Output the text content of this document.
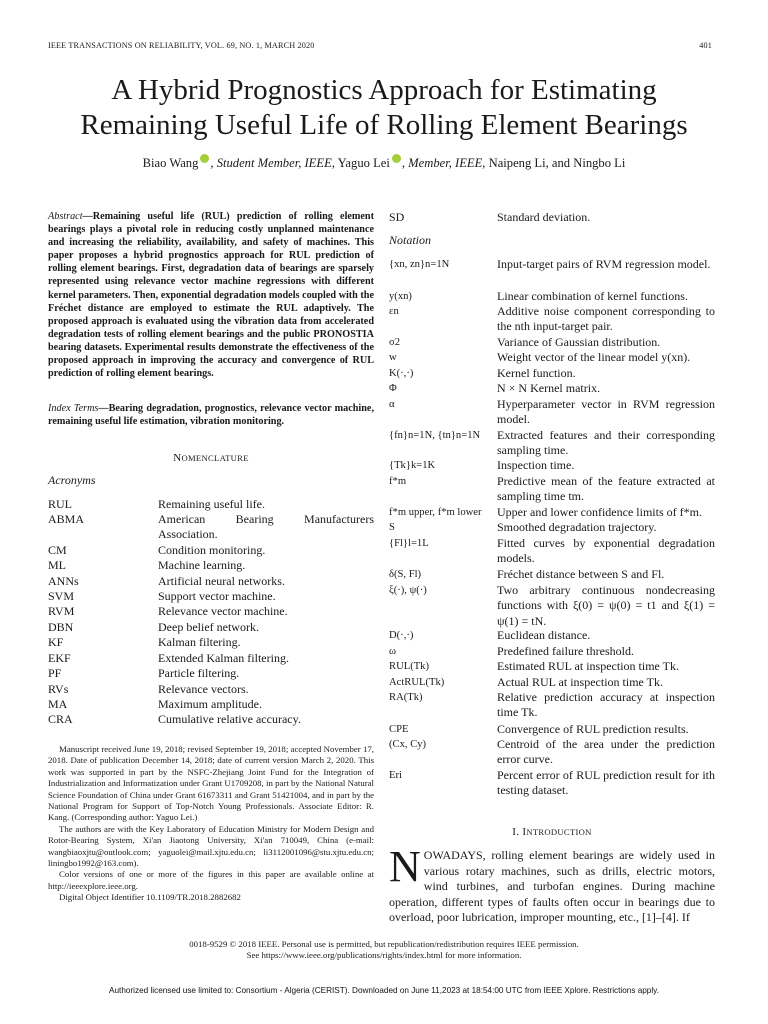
IEEE TRANSACTIONS ON RELIABILITY, VOL. 69, NO. 1, MARCH 2020	401
A Hybrid Prognostics Approach for Estimating
Remaining Useful Life of Rolling Element Bearings
Biao Wang , Student Member, IEEE, Yaguo Lei , Member, IEEE, Naipeng Li, and Ningbo Li
Abstract—Remaining useful life (RUL) prediction of rolling element bearings plays a pivotal role in reducing costly unplanned maintenance and increasing the reliability, availability, and safety of machines. This paper proposes a hybrid prognostics approach for RUL prediction of rolling element bearings. First, degradation data of bearings are sparsely represented using relevance vector machine regressions with different kernel parameters. Then, exponential degradation models coupled with the Fréchet distance are employed to estimate the RUL adaptively. The proposed approach is evaluated using the vibration data from accelerated degradation tests of rolling element bearings and the public PRONOSTIA bearing datasets. Experimental results demonstrate the effectiveness of the proposed approach in improving the accuracy and convergence of RUL prediction of rolling element bearings.
Index Terms—Bearing degradation, prognostics, relevance vector machine, remaining useful life estimation, vibration monitoring.
NOMENCLATURE
Acronyms
RUL	Remaining useful life.
ABMA	American Bearing Manufacturers Association.
CM	Condition monitoring.
ML	Machine learning.
ANNs	Artificial neural networks.
SVM	Support vector machine.
RVM	Relevance vector machine.
DBN	Deep belief network.
KF	Kalman filtering.
EKF	Extended Kalman filtering.
PF	Particle filtering.
RVs	Relevance vectors.
MA	Maximum amplitude.
CRA	Cumulative relative accuracy.
SD	Standard deviation.
Notation
{xn, zn}n=1N	Input-target pairs of RVM regression model.
y(xn)	Linear combination of kernel functions.
εn	Additive noise component corresponding to the nth input-target pair.
σ2	Variance of Gaussian distribution.
w	Weight vector of the linear model y(xn).
K(·,·)	Kernel function.
Φ	N × N Kernel matrix.
α	Hyperparameter vector in RVM regression model.
{fn}n=1N, {tn}n=1N	Extracted features and their corresponding sampling time.
{Tk}k=1K	Inspection time.
f*m	Predictive mean of the feature extracted at sampling time tm.
f*m upper, f*m lower	Upper and lower confidence limits of f*m.
S	Smoothed degradation trajectory.
{Fl}l=1L	Fitted curves by exponential degradation models.
δ(S, Fl)	Fréchet distance between S and Fl.
ξ(·), ψ(·)	Two arbitrary continuous nondecreasing functions with ξ(0) = ψ(0) = t1 and ξ(1) = ψ(1) = tN.
D(·,·)	Euclidean distance.
ω	Predefined failure threshold.
RUL(Tk)	Estimated RUL at inspection time Tk.
ActRUL(Tk)	Actual RUL at inspection time Tk.
RA(Tk)	Relative prediction accuracy at inspection time Tk.
CPE	Convergence of RUL prediction results.
(Cx, Cy)	Centroid of the area under the prediction error curve.
Eri	Percent error of RUL prediction result for ith testing dataset.

Manuscript received June 19, 2018; revised September 19, 2018; accepted November 17, 2018. Date of publication December 14, 2018; date of current version March 2, 2020. This work was supported in part by the NSFC-Zhejiang Joint Fund for the Integration of Industrialization and Informatization under Grant U1709208, in part by the National Natural Science Foundation of China under Grant 61673311 and Grant 51421004, and in part by the National Program for Support of Top-Notch Young Professionals. Associate Editor: R. Kang. (Corresponding author: Yaguo Lei.)

The authors are with the Key Laboratory of Education Ministry for Modern Design and Rotor-Bearing System, Xi'an Jiaotong University, Xi'an 710049, China (e-mail: wangbiaoxjtu@outlook.com; yaguolei@mail.xjtu.edu.cn; li3112001096@stu.xjtu.edu.cn; liningbo1992@163.com).

Color versions of one or more of the figures in this paper are available online at http://ieeexplore.ieee.org.

Digital Object Identifier 10.1109/TR.2018.2882682

I. INTRODUCTION
NOWADAYS, rolling element bearings are widely used in various rotary machines, such as drills, electric motors, wind turbines, and turbofan engines. During machine operation, different types of faults often occur in bearings due to overload, poor lubrication, improper mounting, etc., [1]–[4]. If
0018-9529 © 2018 IEEE. Personal use is permitted, but republication/redistribution requires IEEE permission.
See https://www.ieee.org/publications/rights/index.html for more information.
Authorized licensed use limited to: Consortium - Algeria (CERIST). Downloaded on June 11,2023 at 18:54:00 UTC from IEEE Xplore. Restrictions apply.
